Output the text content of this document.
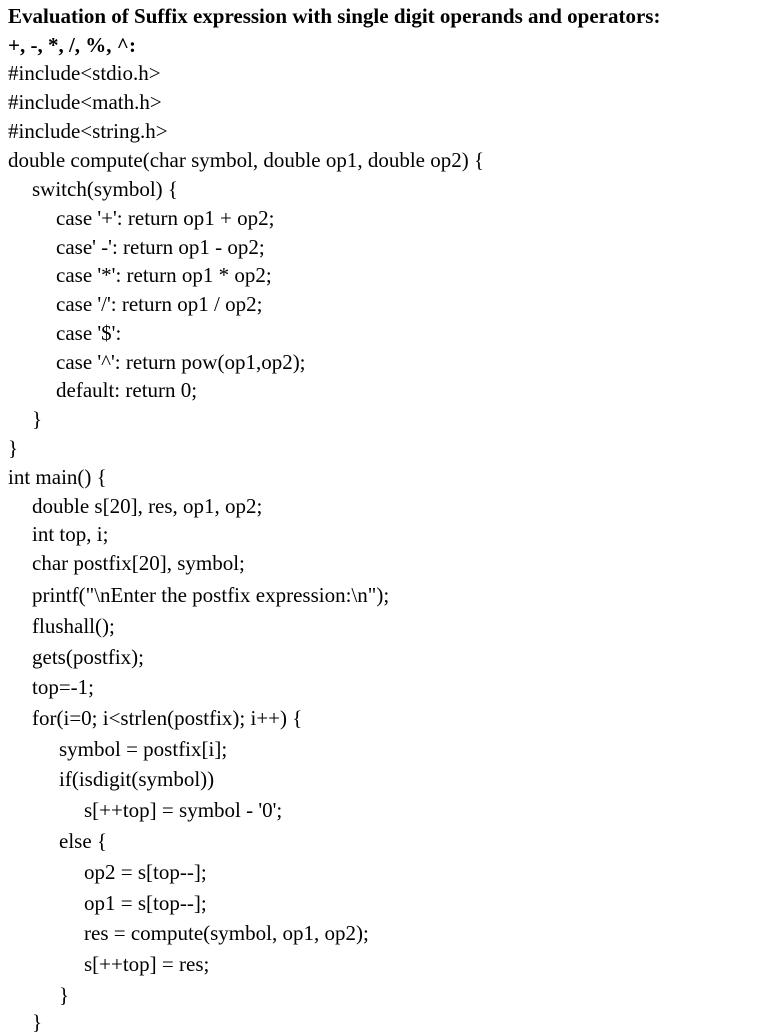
Evaluation of Suffix expression with single digit operands and operators:
+, -, *, /, %, ^:
#include<stdio.h>
#include<math.h>
#include<string.h>
double compute(char symbol, double op1, double op2) {
switch(symbol) {
case '+': return op1 + op2;
case' -': return op1 - op2;
case '*': return op1 * op2;
case '/': return op1 / op2;
case '$':
case '^': return pow(op1,op2);
default: return 0;
}
}
int main() {
double s[20], res, op1, op2;
int top, i;
char postfix[20], symbol;
printf("\nEnter the postfix expression:\n");
flushall();
gets(postfix);
top=-1;
for(i=0; i<strlen(postfix); i++) {
symbol = postfix[i];
if(isdigit(symbol))
s[++top] = symbol - '0';
else {
op2 = s[top--];
op1 = s[top--];
res = compute(symbol, op1, op2);
s[++top] = res;
}
}
